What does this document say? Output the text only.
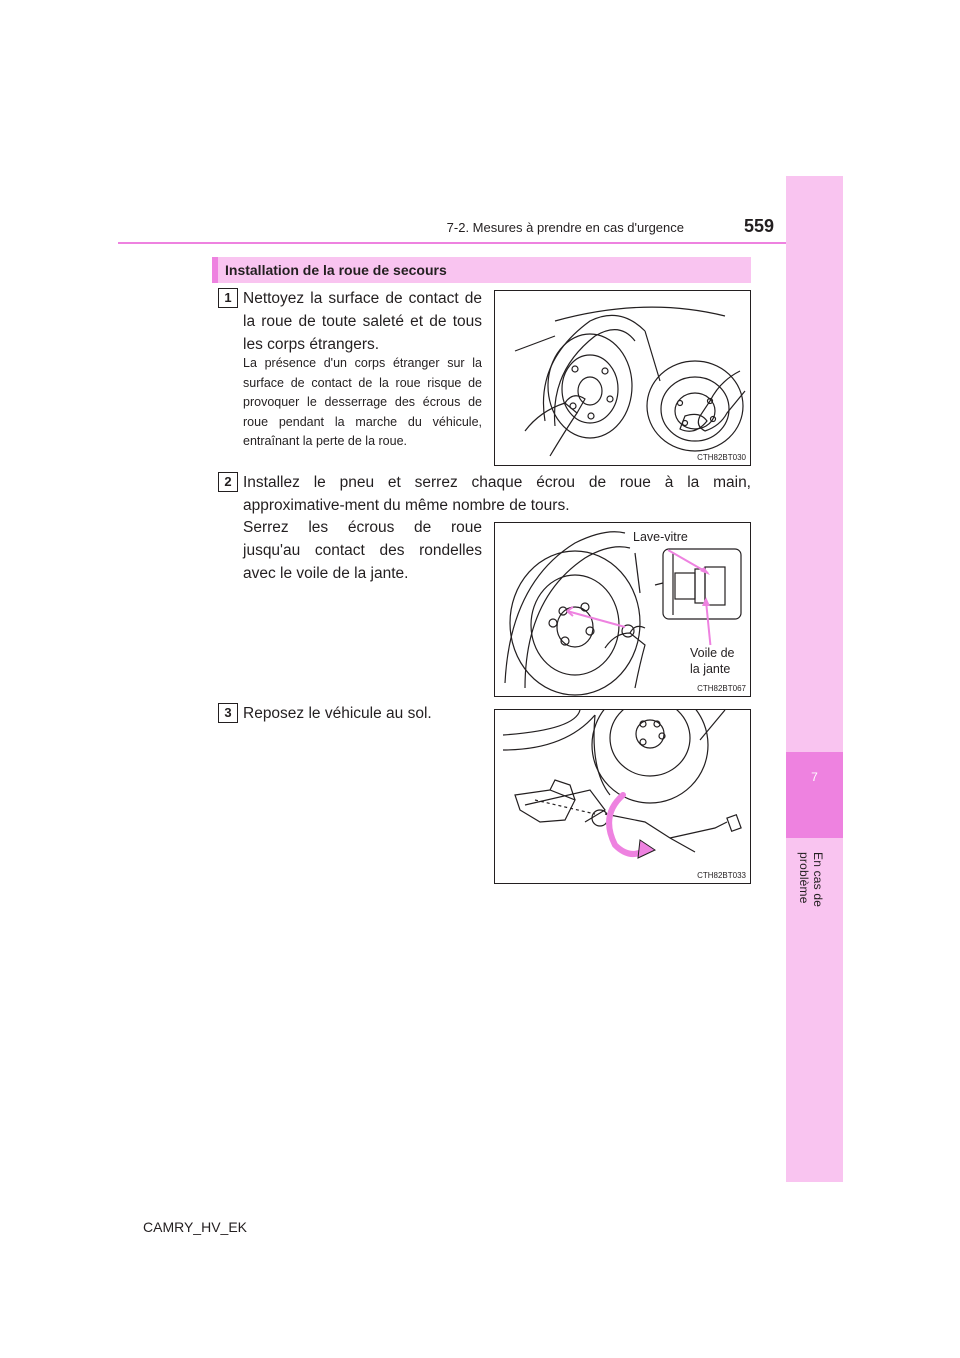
7
En cas de problème
7-2. Mesures à prendre en cas d'urgence	559
Installation de la roue de secours
1 Nettoyez la surface de contact de la roue de toute saleté et de tous les corps étrangers.
La présence d'un corps étranger sur la surface de contact de la roue risque de provoquer le desserrage des écrous de roue pendant la marche du véhicule, entraînant la perte de la roue.
CTH82BT030
2 Installez le pneu et serrez chaque écrou de roue à la main, approximative-ment du même nombre de tours.
Serrez les écrous de roue jusqu'au contact des rondelles avec le voile de la jante.
Lave-vitre
Voile de
la jante
CTH82BT067
3 Reposez le véhicule au sol.
CTH82BT033
CAMRY_HV_EK
